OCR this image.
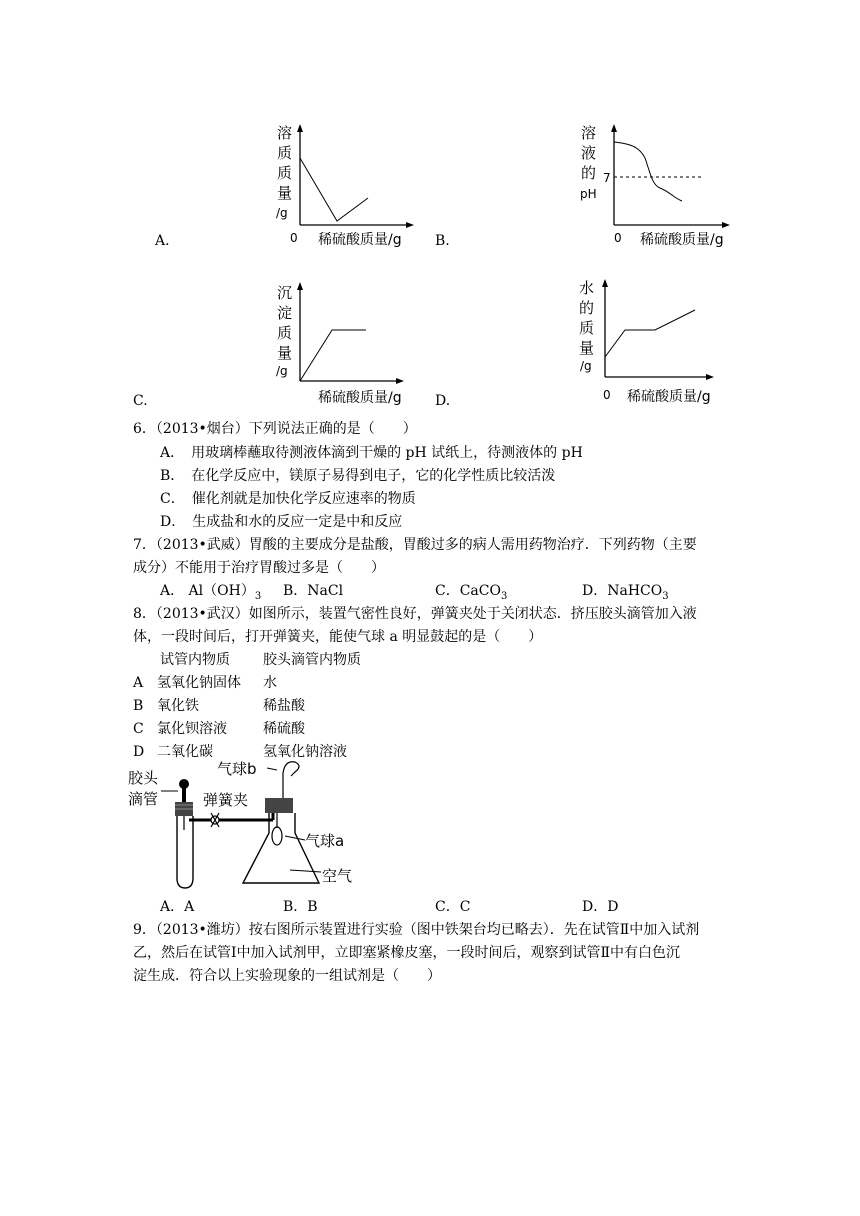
A.
溶
质
质
量
/g
0 稀硫酸质量/g B.
溶
液
的
pH
7
0 稀硫酸质量/g
C.
沉
淀
质
量
/g
稀硫酸质量/g D.
水
的
质
量
/g
0 稀硫酸质量/g
6．（2013•烟台）下列说法正确的是（　　）
A．　用玻璃棒蘸取待测液体滴到干燥的 pH 试纸上，待测液体的 pH
B．　在化学反应中，镁原子易得到电子，它的化学性质比较活泼
C．　催化剂就是加快化学反应速率的物质
D．　生成盐和水的反应一定是中和反应
7．（2013•武威）胃酸的主要成分是盐酸，胃酸过多的病人需用药物治疗．下列药物（主要
成分）不能用于治疗胃酸过多是（　　）
A． $Al(OH)_3$ B．NaCl	C．CaCO$_3$	D．NaHCO$_3$
8．（2013•武汉）如图所示，装置气密性良好，弹簧夹处于关闭状态．挤压胶头滴管加入液
体，一段时间后，打开弹簧夹，能使气球 a 明显鼓起的是（　　）
试管内物质 胶头滴管内物质
A 氢氧化钠固体 水
B 氧化铁	稀盐酸
C 氯化钡溶液	稀硫酸
D 二氧化碳	氢氧化钠溶液
胶头
滴管	弹簧夹
气球b
气球a
空气
A．A	B．B	C．C	D．D
9．（2013•潍坊）按右图所示装置进行实验（图中铁架台均已略去）．先在试管Ⅱ中加入试剂
乙，然后在试管Ⅰ中加入试剂甲，立即塞紧橡皮塞，一段时间后，观察到试管Ⅱ中有白色沉
淀生成．符合以上实验现象的一组试剂是（　　）
